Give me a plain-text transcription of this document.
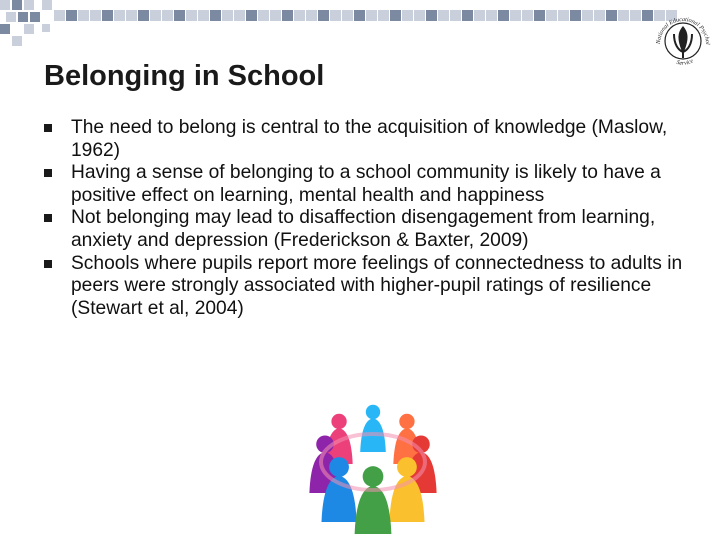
Belonging in School
The need to belong is central to the acquisition of knowledge (Maslow, 1962)
Having a sense of belonging to a school community is likely to have a positive effect on learning, mental health and happiness
Not belonging may lead to disaffection disengagement from learning, anxiety and depression (Frederickson & Baxter, 2009)
Schools where pupils report more feelings of connectedness to adults in peers were strongly associated with higher-pupil ratings of resilience (Stewart et al, 2004)
National Educational Psychol
Service
